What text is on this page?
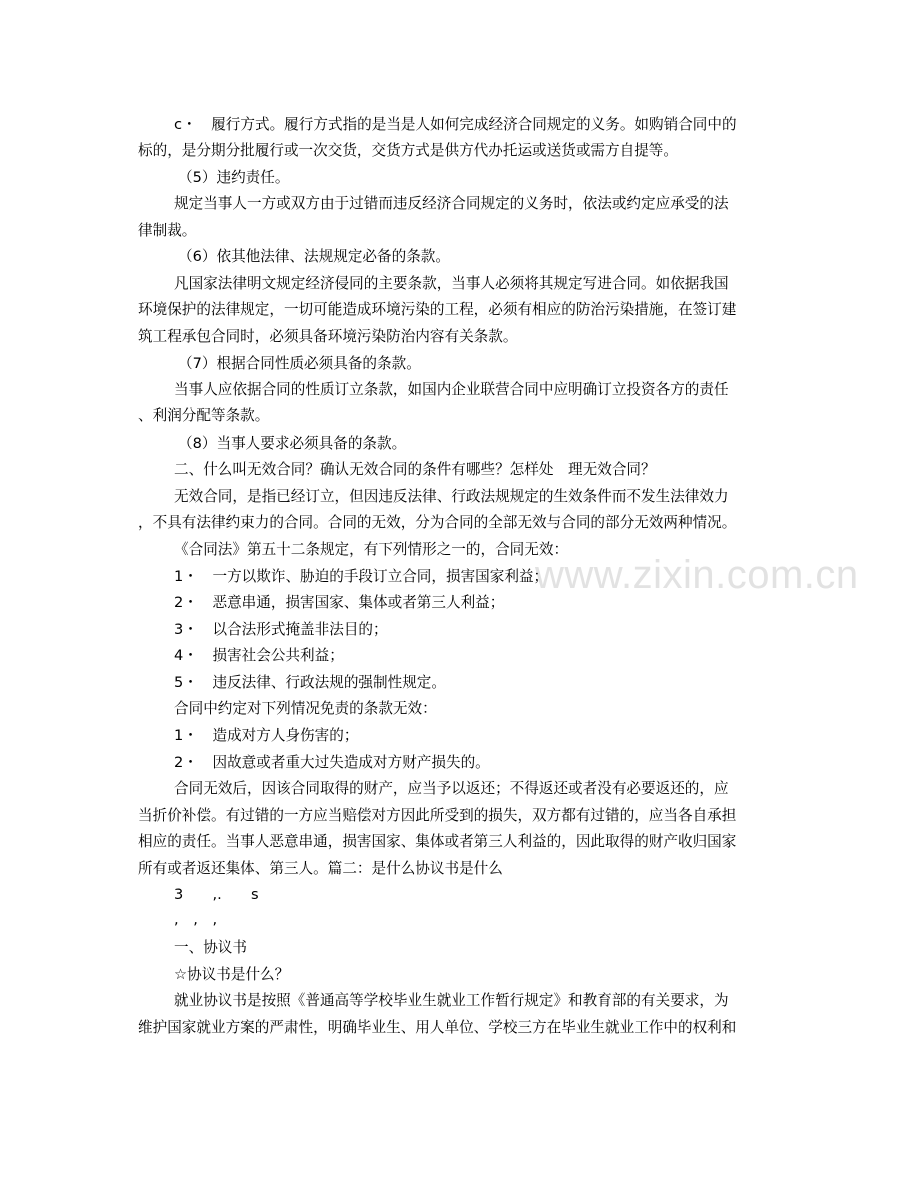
www.zixin.com.cn
c・　履行方式。履行方式指的是当是人如何完成经济合同规定的义务。如购销合同中的
标的，是分期分批履行或一次交货，交货方式是供方代办托运或送货或需方自提等。
（5）违约责任。
规定当事人一方或双方由于过错而违反经济合同规定的义务时，依法或约定应承受的法
律制裁。
（6）依其他法律、法规规定必备的条款。
凡国家法律明文规定经济侵同的主要条款，当事人必须将其规定写进合同。如依据我国
环境保护的法律规定，一切可能造成环境污染的工程，必须有相应的防治污染措施，在签订建
筑工程承包合同时，必须具备环境污染防治内容有关条款。
（7）根据合同性质必须具备的条款。
当事人应依据合同的性质订立条款，如国内企业联营合同中应明确订立投资各方的责任
、利润分配等条款。
（8）当事人要求必须具备的条款。
二、什么叫无效合同？确认无效合同的条件有哪些？怎样处　理无效合同？
无效合同，是指已经订立，但因违反法律、行政法规规定的生效条件而不发生法律效力
，不具有法律约束力的合同。合同的无效，分为合同的全部无效与合同的部分无效两种情况。
《合同法》第五十二条规定，有下列情形之一的，合同无效：
1・　一方以欺诈、胁迫的手段订立合同，损害国家利益；
2・　恶意串通，损害国家、集体或者第三人利益；
3・　以合法形式掩盖非法目的；
4・　损害社会公共利益；
5・　违反法律、行政法规的强制性规定。
合同中约定对下列情况免责的条款无效：
1・　造成对方人身伤害的；
2・　因故意或者重大过失造成对方财产损失的。
合同无效后，因该合同取得的财产，应当予以返还；不得返还或者没有必要返还的，应
当折价补偿。有过错的一方应当赔偿对方因此所受到的损失，双方都有过错的，应当各自承担
相应的责任。当事人恶意串通，损害国家、集体或者第三人利益的，因此取得的财产收归国家
所有或者返还集体、第三人。篇二：是什么协议书是什么
3　　,.　　s
,　,　,
一、协议书
☆协议书是什么？
就业协议书是按照《普通高等学校毕业生就业工作暂行规定》和教育部的有关要求，为
维护国家就业方案的严肃性，明确毕业生、用人单位、学校三方在毕业生就业工作中的权利和
